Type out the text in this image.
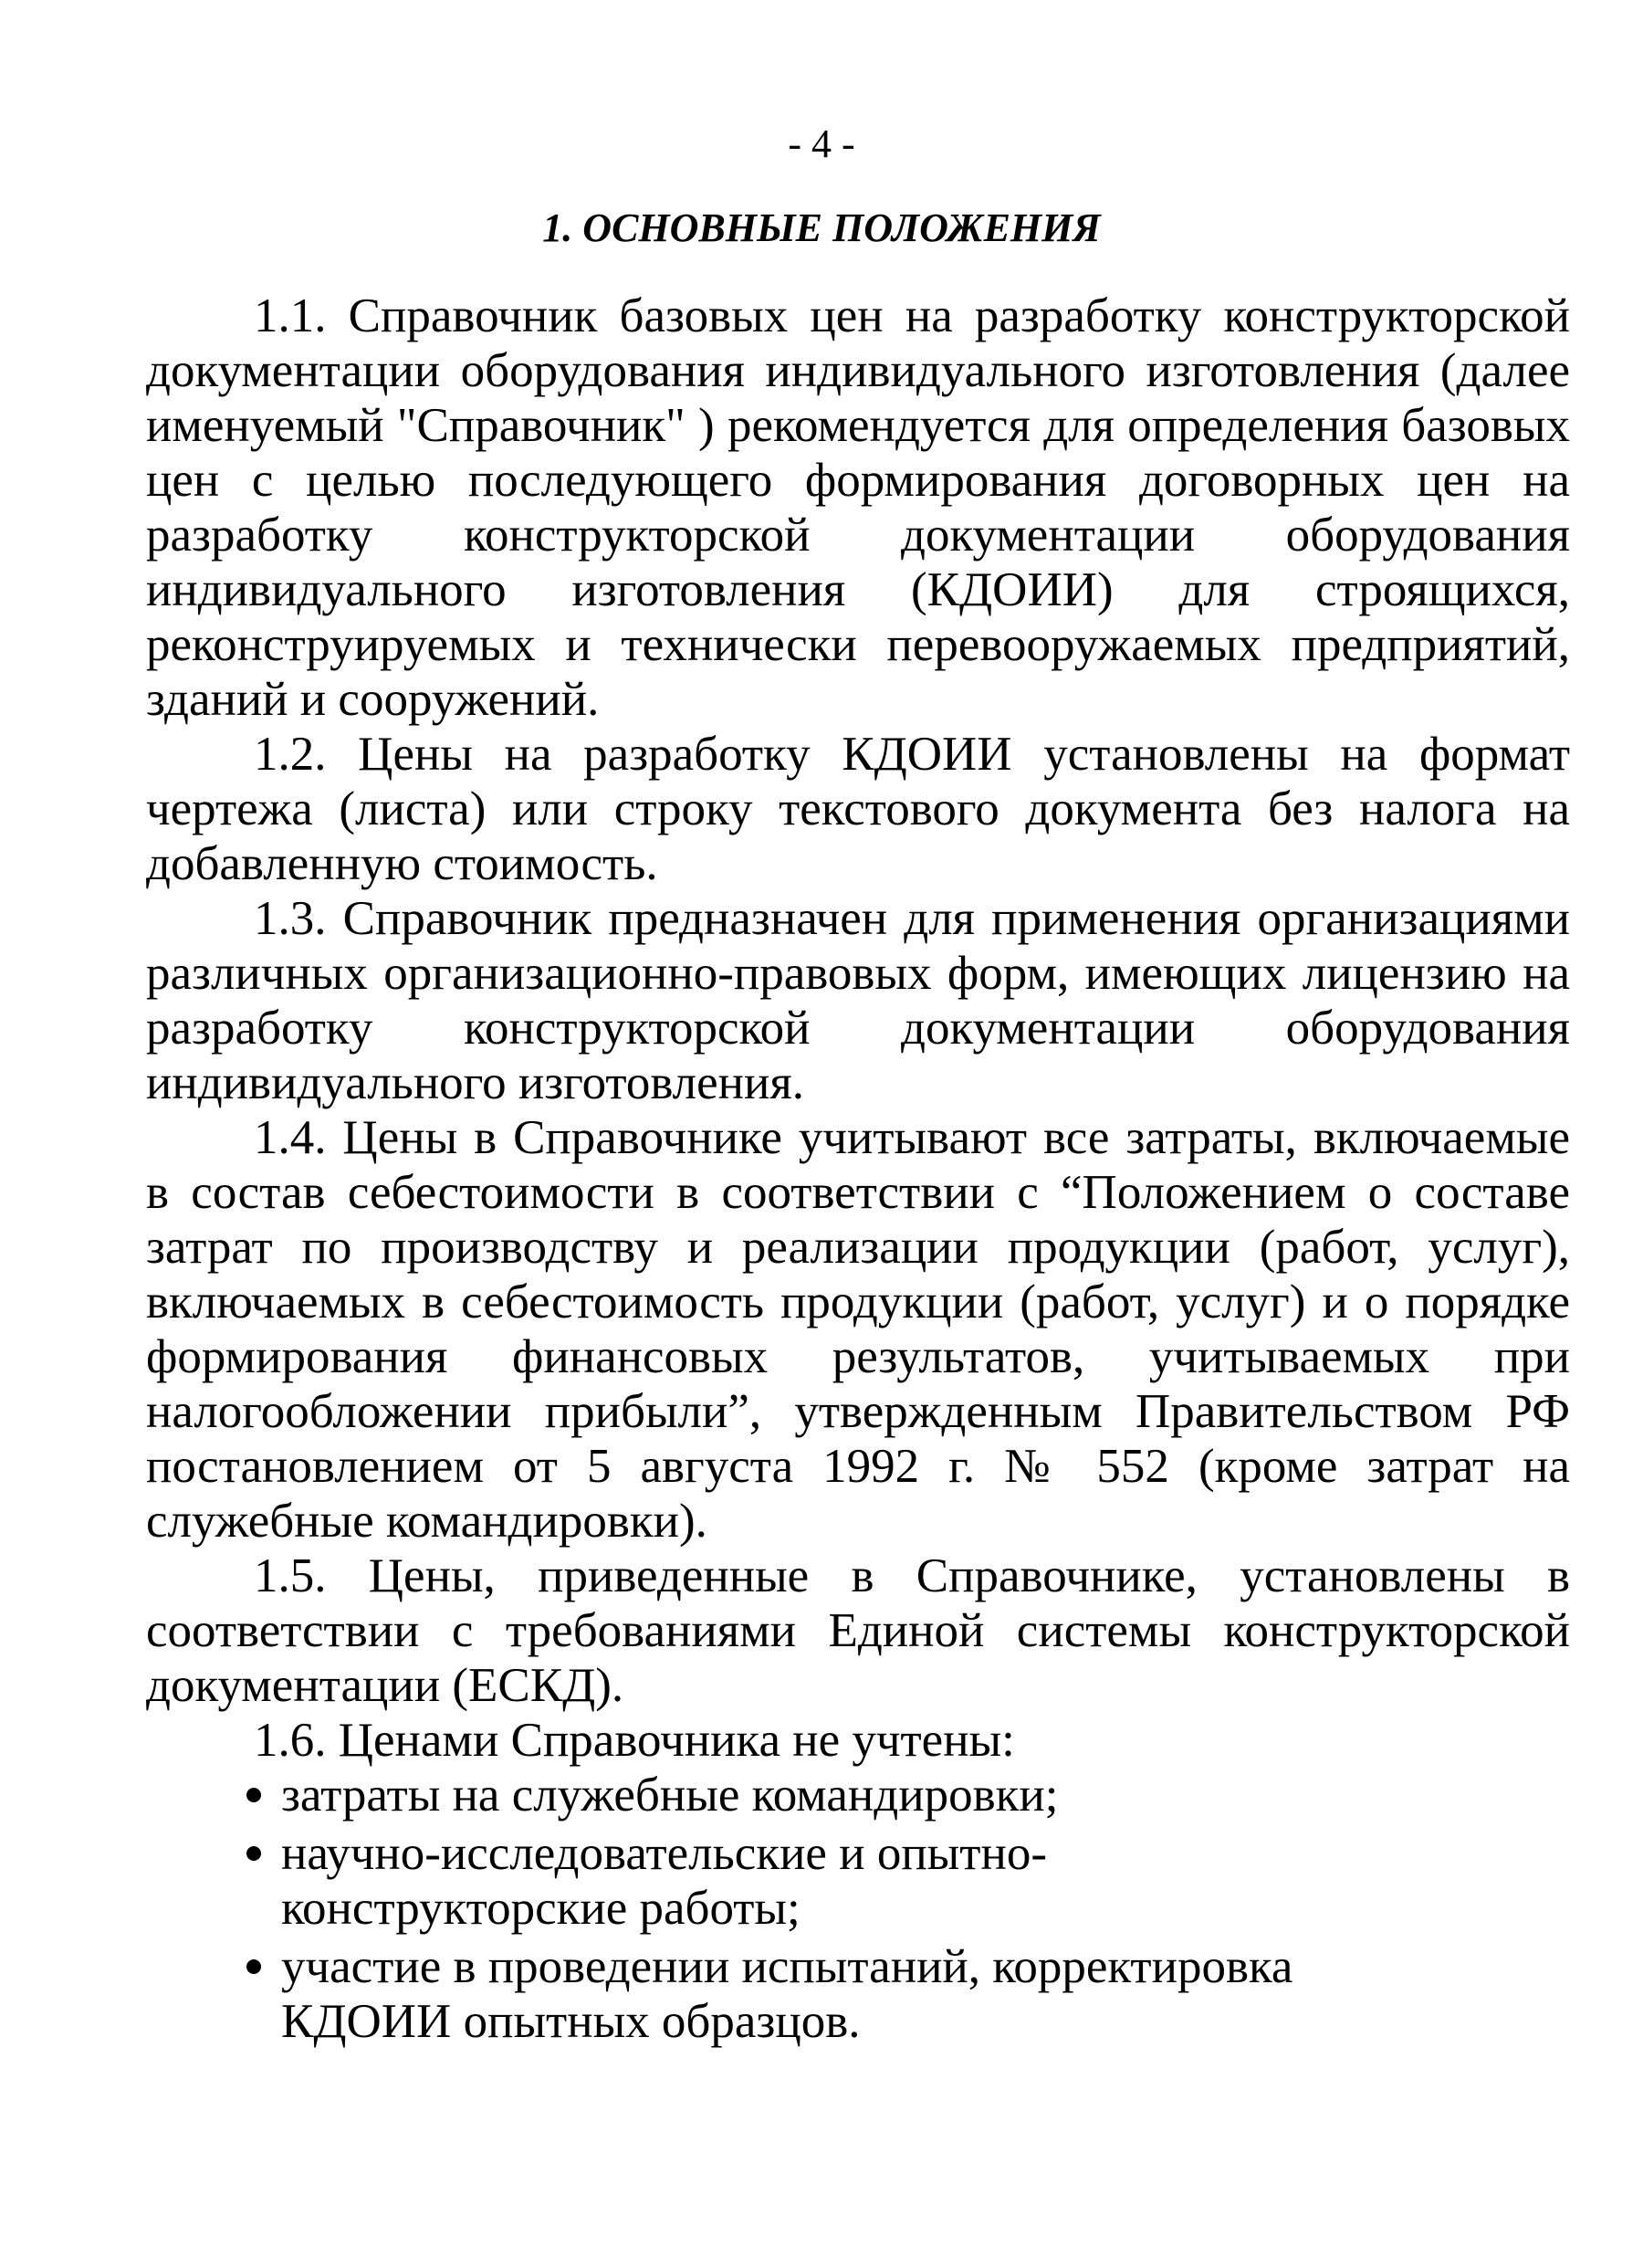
- 4 -
1. ОСНОВНЫЕ ПОЛОЖЕНИЯ

1.1. Справочник базовых цен на разработку конструкторской документации оборудования индивидуального изготовления (далее именуемый "Справочник" ) рекомендуется для определения базовых цен с целью последующего формирования договорных цен на разработку конструкторской документации оборудования индивидуального изготовления (КДОИИ) для строящихся, реконструируемых и технически перевооружаемых предприятий, зданий и сооружений.

1.2. Цены на разработку КДОИИ установлены на формат чертежа (листа) или строку текстового документа без налога на добавленную стоимость.

1.3. Справочник предназначен для применения организациями различных организационно-правовых форм, имеющих лицензию на разработку конструкторской документации оборудования индивидуального изготовления.

1.4. Цены в Справочнике учитывают все затраты, включаемые в состав себестоимости в соответствии с “Положением о составе затрат по производству и реализации продукции (работ, услуг), включаемых в себестоимость продукции (работ, услуг) и о порядке формирования финансовых результатов, учитываемых при налогообложении прибыли”, утвержденным Правительством РФ постановлением от 5 августа 1992 г. № 552 (кроме затрат на служебные командировки).

1.5. Цены, приведенные в Справочнике, установлены в соответствии с требованиями Единой системы конструкторской документации (ЕСКД).

1.6. Ценами Справочника не учтены:

затраты на служебные командировки;
научно-исследовательские и опытно-конструкторские работы;
участие в проведении испытаний, корректировка КДОИИ опытных образцов.
